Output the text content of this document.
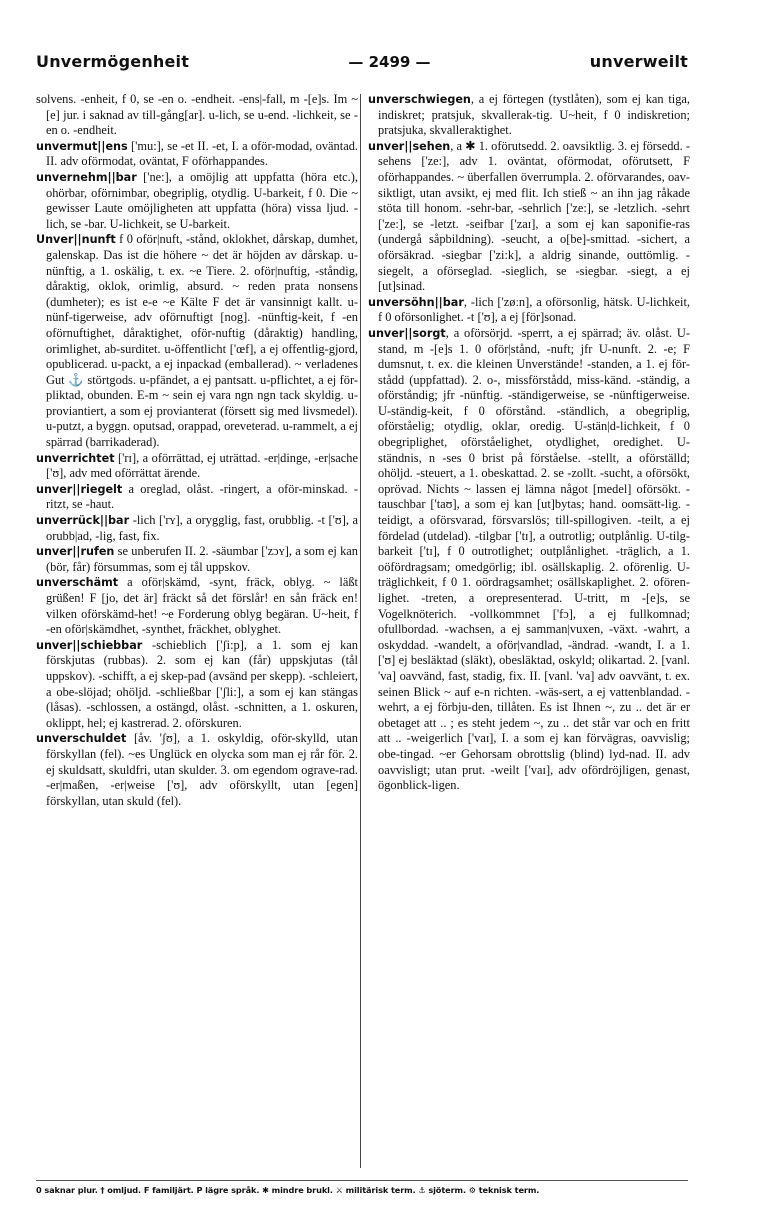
Unvermögenheit	— 2499 —	unverweilt

solvens. -enheit, f 0, se -en o. -endheit. -ens|-fall, m -[e]s. Im ~[e] jur. i saknad av till-gång[ar]. u-lich, se u-end. -lichkeit, se -en o. -endheit.

unvermut||ens ['mu:], se -et II. -et, I. a oför-modad, oväntad. II. adv oförmodat, oväntat, F oförhappandes.

unvernehm||bar ['ne:], a omöjlig att uppfatta (höra etc.), ohörbar, oförnimbar, obegriplig, otydlig. U-barkeit, f 0. Die ~ gewisser Laute omöjligheten att uppfatta (höra) vissa ljud. -lich, se -bar. U-lichkeit, se U-barkeit.

Unver||nunft f 0 oför|nuft, -stånd, oklokhet, dårskap, dumhet, galenskap. Das ist die höhere ~ det är höjden av dårskap. u-nünftig, a 1. oskälig, t. ex. ~e Tiere. 2. oför|nuftig, -ståndig, dåraktig, oklok, orimlig, absurd. ~ reden prata nonsens (dumheter); es ist e-e ~e Kälte F det är vansinnigt kallt. u-nünf-tigerweise, adv oförnuftigt [nog]. -nünftig-keit, f -en oförnuftighet, dåraktighet, oför-nuftig (dåraktig) handling, orimlighet, ab-surditet. u-öffentlicht ['œf], a ej offentlig-gjord, opublicerad. u-packt, a ej inpackad (emballerad). ~ verladenes Gut ⚓ störtgods. u-pfändet, a ej pantsatt. u-pflichtet, a ej för-pliktad, obunden. E-m ~ sein ej vara ngn ngn tack skyldig. u-proviantiert, a som ej provianterat (försett sig med livsmedel). u-putzt, a byggn. oputsad, orappad, oreveterad. u-rammelt, a ej spärrad (barrikaderad).

unverrichtet ['rɪ], a oförrättad, ej uträttad. -er|dinge, -er|sache ['ʊ], adv med oförrättat ärende.

unver||riegelt a oreglad, olåst. -ringert, a oför-minskad. -ritzt, se -haut.

unverrück||bar -lich ['rʏ], a orygglig, fast, orubblig. -t ['ʊ], a orubb|ad, -lig, fast, fix.

unver||rufen se unberufen II. 2. -säumbar ['zɔʏ], a som ej kan (bör, får) försummas, som ej tål uppskov.

unverschämt a oför|skämd, -synt, fräck, oblyg. ~ läßt grüßen! F [jo, det är] fräckt så det förslår! en sån fräck en! vilken oförskämd-het! ~e Forderung oblyg begäran. U~heit, f -en oför|skämdhet, -synthet, fräckhet, oblyghet.

unver||schiebbar -schieblich ['ʃi:p], a 1. som ej kan förskjutas (rubbas). 2. som ej kan (får) uppskjutas (tål uppskov). -schifft, a ej skep-pad (avsänd per skepp). -schleiert, a obe-slöjad; ohöljd. -schließbar ['ʃli:], a som ej kan stängas (låsas). -schlossen, a ostängd, olåst. -schnitten, a 1. oskuren, oklippt, hel; ej kastrerad. 2. oförskuren.

unverschuldet [åv. 'ʃʊ], a 1. oskyldig, oför-skylld, utan förskyllan (fel). ~es Unglück en olycka som man ej rår för. 2. ej skuldsatt, skuldfri, utan skulder. 3. om egendom ograve-rad. -er|maßen, -er|weise ['ʊ], adv oförskyllt, utan [egen] förskyllan, utan skuld (fel).

unverschwiegen, a ej förtegen (tystlåten), som ej kan tiga, indiskret; pratsjuk, skvallerak-tig. U~heit, f 0 indiskretion; pratsjuka, skvalleraktighet.

unver||sehen, a ✱ 1. oförutsedd. 2. oavsiktlig. 3. ej försedd. -sehens ['ze:], adv 1. oväntat, oförmodat, oförutsett, F oförhappandes. ~ überfallen överrumpla. 2. oförvarandes, oav-siktligt, utan avsikt, ej med flit. Ich stieß ~ an ihn jag råkade stöta till honom. -sehr-bar, -sehrlich ['ze:], se -letzlich. -sehrt ['ze:], se -letzt. -seifbar ['zaɪ], a som ej kan saponifie-ras (undergå såpbildning). -seucht, a o[be]-smittad. -sichert, a oförsäkrad. -siegbar ['zi:k], a aldrig sinande, outtömlig. -siegelt, a oförseglad. -sieglich, se -siegbar. -siegt, a ej [ut]sinad.

unversöhn||bar, -lich ['zøːn], a oförsonlig, hätsk. U-lichkeit, f 0 oförsonlighet. -t ['ʊ], a ej [för]sonad.

unver||sorgt, a oförsörjd. -sperrt, a ej spärrad; äv. olåst. U-stand, m -[e]s 1. 0 oför|stånd, -nuft; jfr U-nunft. 2. -e; F dumsnut, t. ex. die kleinen Unverstände! -standen, a 1. ej för-stådd (uppfattad). 2. o-, missförstådd, miss-känd. -ständig, a oförståndig; jfr -nünftig. -ständigerweise, se -nünftigerweise. U-ständig-keit, f 0 oförstånd. -ständlich, a obegriplig, oförståelig; otydlig, oklar, oredig. U-stän|d-lichkeit, f 0 obegriplighet, oförståelighet, otydlighet, oredighet. U-ständnis, n -ses 0 brist på förståelse. -stellt, a oförställd; ohöljd. -steuert, a 1. obeskattad. 2. se -zollt. -sucht, a oförsökt, oprövad. Nichts ~ lassen ej lämna något [medel] oförsökt. -tauschbar ['taʊ], a som ej kan [ut]bytas; hand. oomsätt-lig. -teidigt, a oförsvarad, försvarslös; till-spillogiven. -teilt, a ej fördelad (utdelad). -tilgbar ['tɪ], a outrotlig; outplånlig. U-tilg-barkeit ['tɪ], f 0 outrotlighet; outplånlighet. -träglich, a 1. oöfördragsam; omedgörlig; ibl. osällskaplig. 2. oförenlig. U-träglichkeit, f 0 1. oördragsamhet; osällskaplighet. 2. ofören-lighet. -treten, a orepresenterad. U-tritt, m -[e]s, se Vogelknöterich. -vollkommnet ['fɔ], a ej fullkomnad; ofullbordad. -wachsen, a ej samman|vuxen, -växt. -wahrt, a oskyddad. -wandelt, a oför|vandlad, -ändrad. -wandt, I. a 1. ['ʊ] ej besläktad (släkt), obesläktad, oskyld; olikartad. 2. [vanl. 'va] oavvänd, fast, stadig, fix. II. [vanl. 'va] adv oavvänt, t. ex. seinen Blick ~ auf e-n richten. -wäs-sert, a ej vattenblandad. -wehrt, a ej förbju-den, tillåten. Es ist Ihnen ~, zu .. det är er obetaget att .. ; es steht jedem ~, zu .. det står var och en fritt att .. -weigerlich ['vaɪ], I. a som ej kan förvägras, oavvislig; obe-tingad. ~er Gehorsam obrottslig (blind) lyd-nad. II. adv oavvisligt; utan prut. -weilt ['vaɪ], adv ofördröjligen, genast, ögonblick-ligen.

0 saknar plur. † omljud. F familjärt. P lägre språk. ✱ mindre brukl. ⚔ militärisk term. ⚓ sjöterm. ⚙ teknisk term.
